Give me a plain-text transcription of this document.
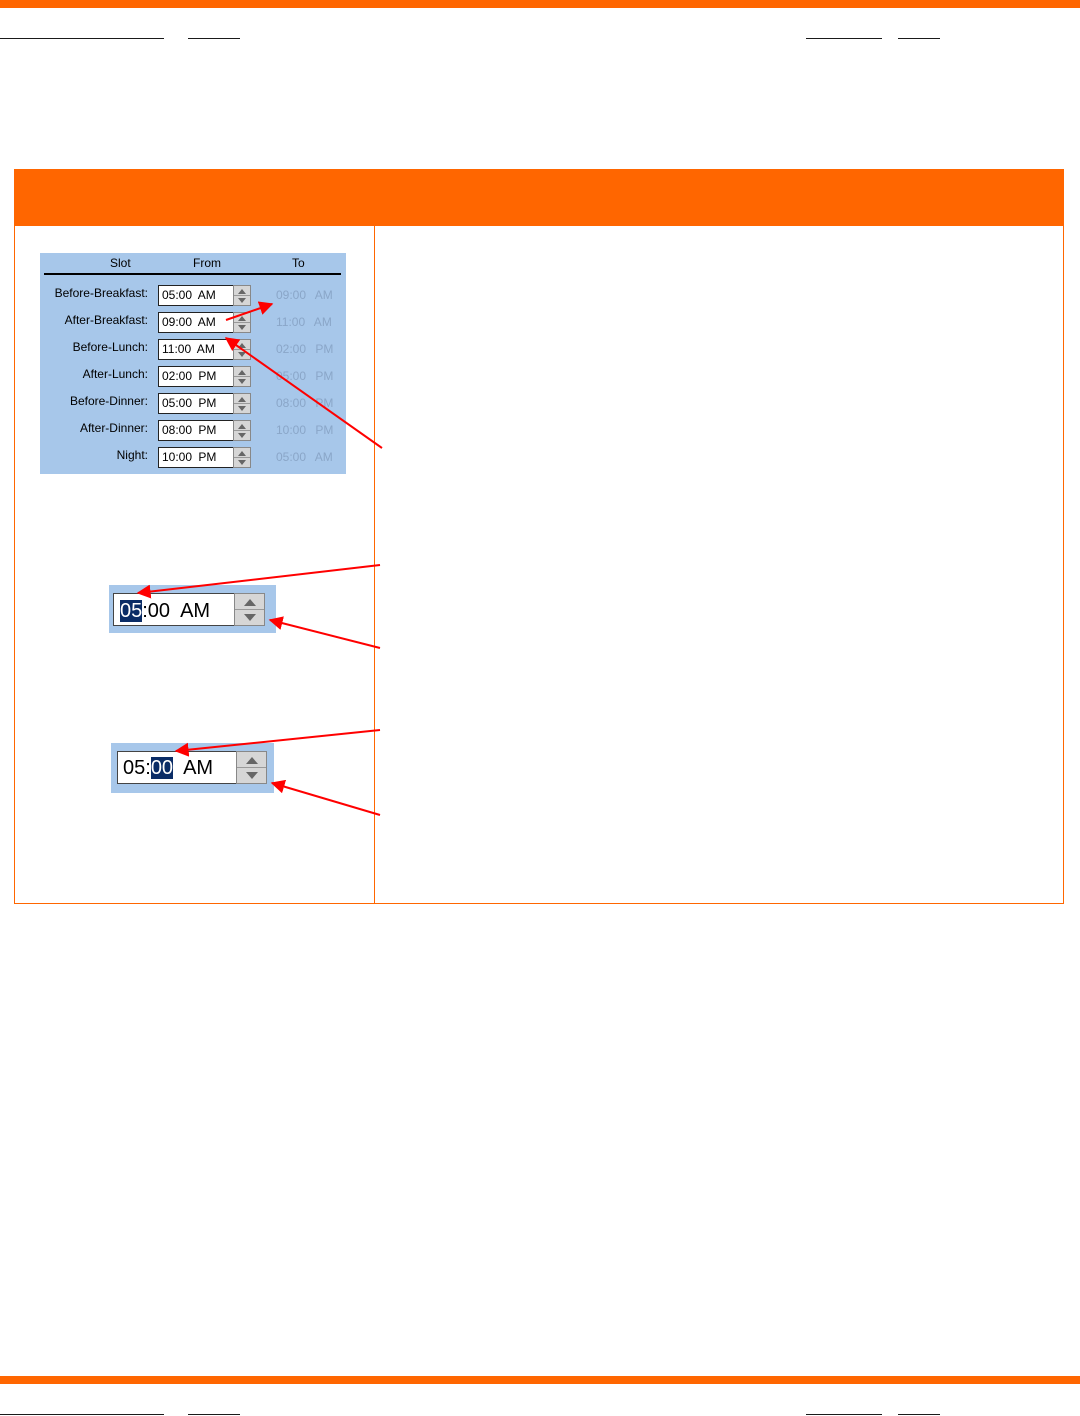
Slot	From	To
Before-Breakfast:	05:00 AM	09:00 AM
After-Breakfast:	09:00 AM	11:00 AM
Before-Lunch:	11:00 AM	02:00 PM
After-Lunch:	02:00 PM	05:00 PM
Before-Dinner:	05:00 PM	08:00 PM
After-Dinner:	08:00 PM	10:00 PM
Night:	10:00 PM	05:00 AM
05:00  AM
05:00  AM
